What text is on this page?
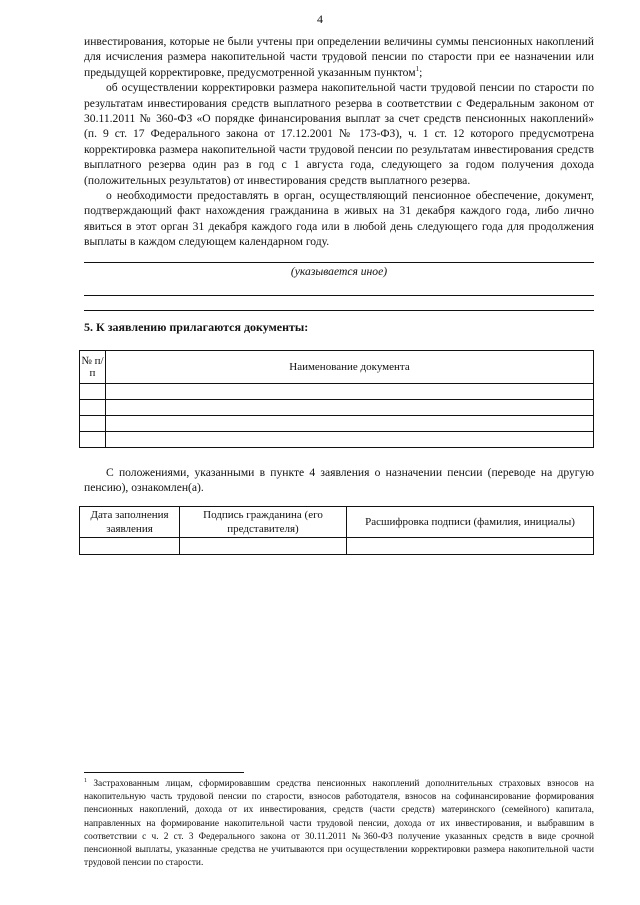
4

инвестирования, которые не были учтены при определении величины суммы пенсионных накоплений для исчисления размера накопительной части трудовой пенсии по старости при ее назначении или предыдущей корректировке, предусмотренной указанным пунктом$^1$;

об осуществлении корректировки размера накопительной части трудовой пенсии по старости по результатам инвестирования средств выплатного резерва в соответствии с Федеральным законом от 30.11.2011 № 360-ФЗ «О порядке финансирования выплат за счет средств пенсионных накоплений» (п. 9 ст. 17 Федерального закона от 17.12.2001 № 173-ФЗ), ч. 1 ст. 12 которого предусмотрена корректировка размера накопительной части трудовой пенсии по результатам инвестирования средств выплатного резерва один раз в год с 1 августа года, следующего за годом получения дохода (положительных результатов) от инвестирования средств выплатного резерва.

о необходимости предоставлять в орган, осуществляющий пенсионное обеспечение, документ, подтверждающий факт нахождения гражданина в живых на 31 декабря каждого года, либо лично явиться в этот орган 31 декабря каждого года или в любой день следующего года для продолжения выплаты в каждом следующем календарном году.

(указывается иное)
5. К заявлению прилагаются документы:
№ п/п	Наименование документа

С положениями, указанными в пункте 4 заявления о назначении пенсии (переводе на другую пенсию), ознакомлен(а).
Дата заполнения заявления	Подпись гражданина (его представителя)	Расшифровка подписи (фамилия, инициалы)

$^1$ Застрахованным лицам, сформировавшим средства пенсионных накоплений дополнительных страховых взносов на накопительную часть трудовой пенсии по старости, взносов работодателя, взносов на софинансирование формирования пенсионных накоплений, дохода от их инвестирования, средств (части средств) материнского (семейного) капитала, направленных на формирование накопительной части трудовой пенсии, дохода от их инвестирования, и выбравшим в соответствии с ч. 2 ст. 3 Федерального закона от 30.11.2011 №360-ФЗ получение указанных средств в виде срочной пенсионной выплаты, указанные средства не учитываются при осуществлении корректировки размера накопительной части трудовой пенсии по старости.
